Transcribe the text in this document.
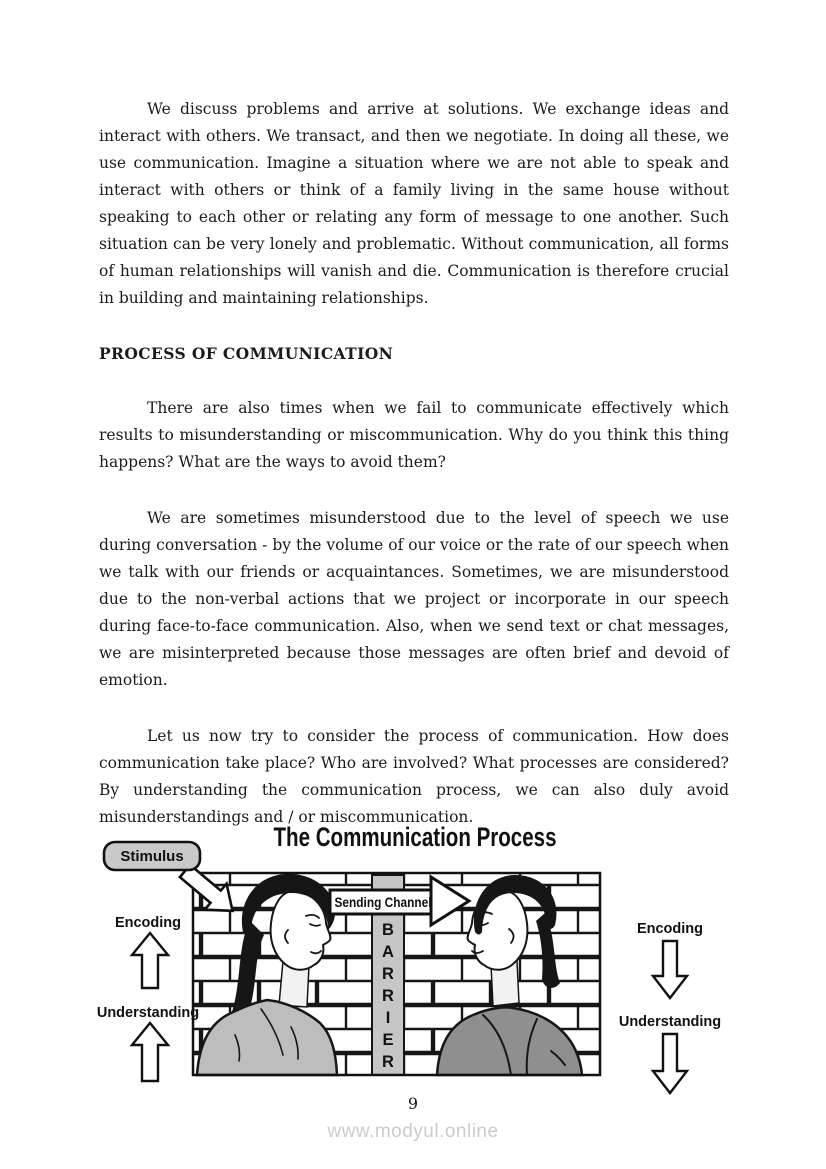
We discuss problems and arrive at solutions. We exchange ideas and interact with others. We transact, and then we negotiate. In doing all these, we use communication. Imagine a situation where we are not able to speak and interact with others or think of a family living in the same house without speaking to each other or relating any form of message to one another. Such situation can be very lonely and problematic. Without communication, all forms of human relationships will vanish and die. Communication is therefore crucial in building and maintaining relationships.

PROCESS OF COMMUNICATION

There are also times when we fail to communicate effectively which results to misunderstanding or miscommunication. Why do you think this thing happens? What are the ways to avoid them?

We are sometimes misunderstood due to the level of speech we use during conversation - by the volume of our voice or the rate of our speech when we talk with our friends or acquaintances. Sometimes, we are misunderstood due to the non-verbal actions that we project or incorporate in our speech during face-to-face communication. Also, when we send text or chat messages, we are misinterpreted because those messages are often brief and devoid of emotion.

Let us now try to consider the process of communication. How does communication take place? Who are involved? What processes are considered? By understanding the communication process, we can also duly avoid misunderstandings and / or miscommunication.

The Communication Process
B
A
R
R
I
E
R
Sending Channel
Stimulus
Encoding
Understanding
Encoding
Understanding
9
www.modyul.online
